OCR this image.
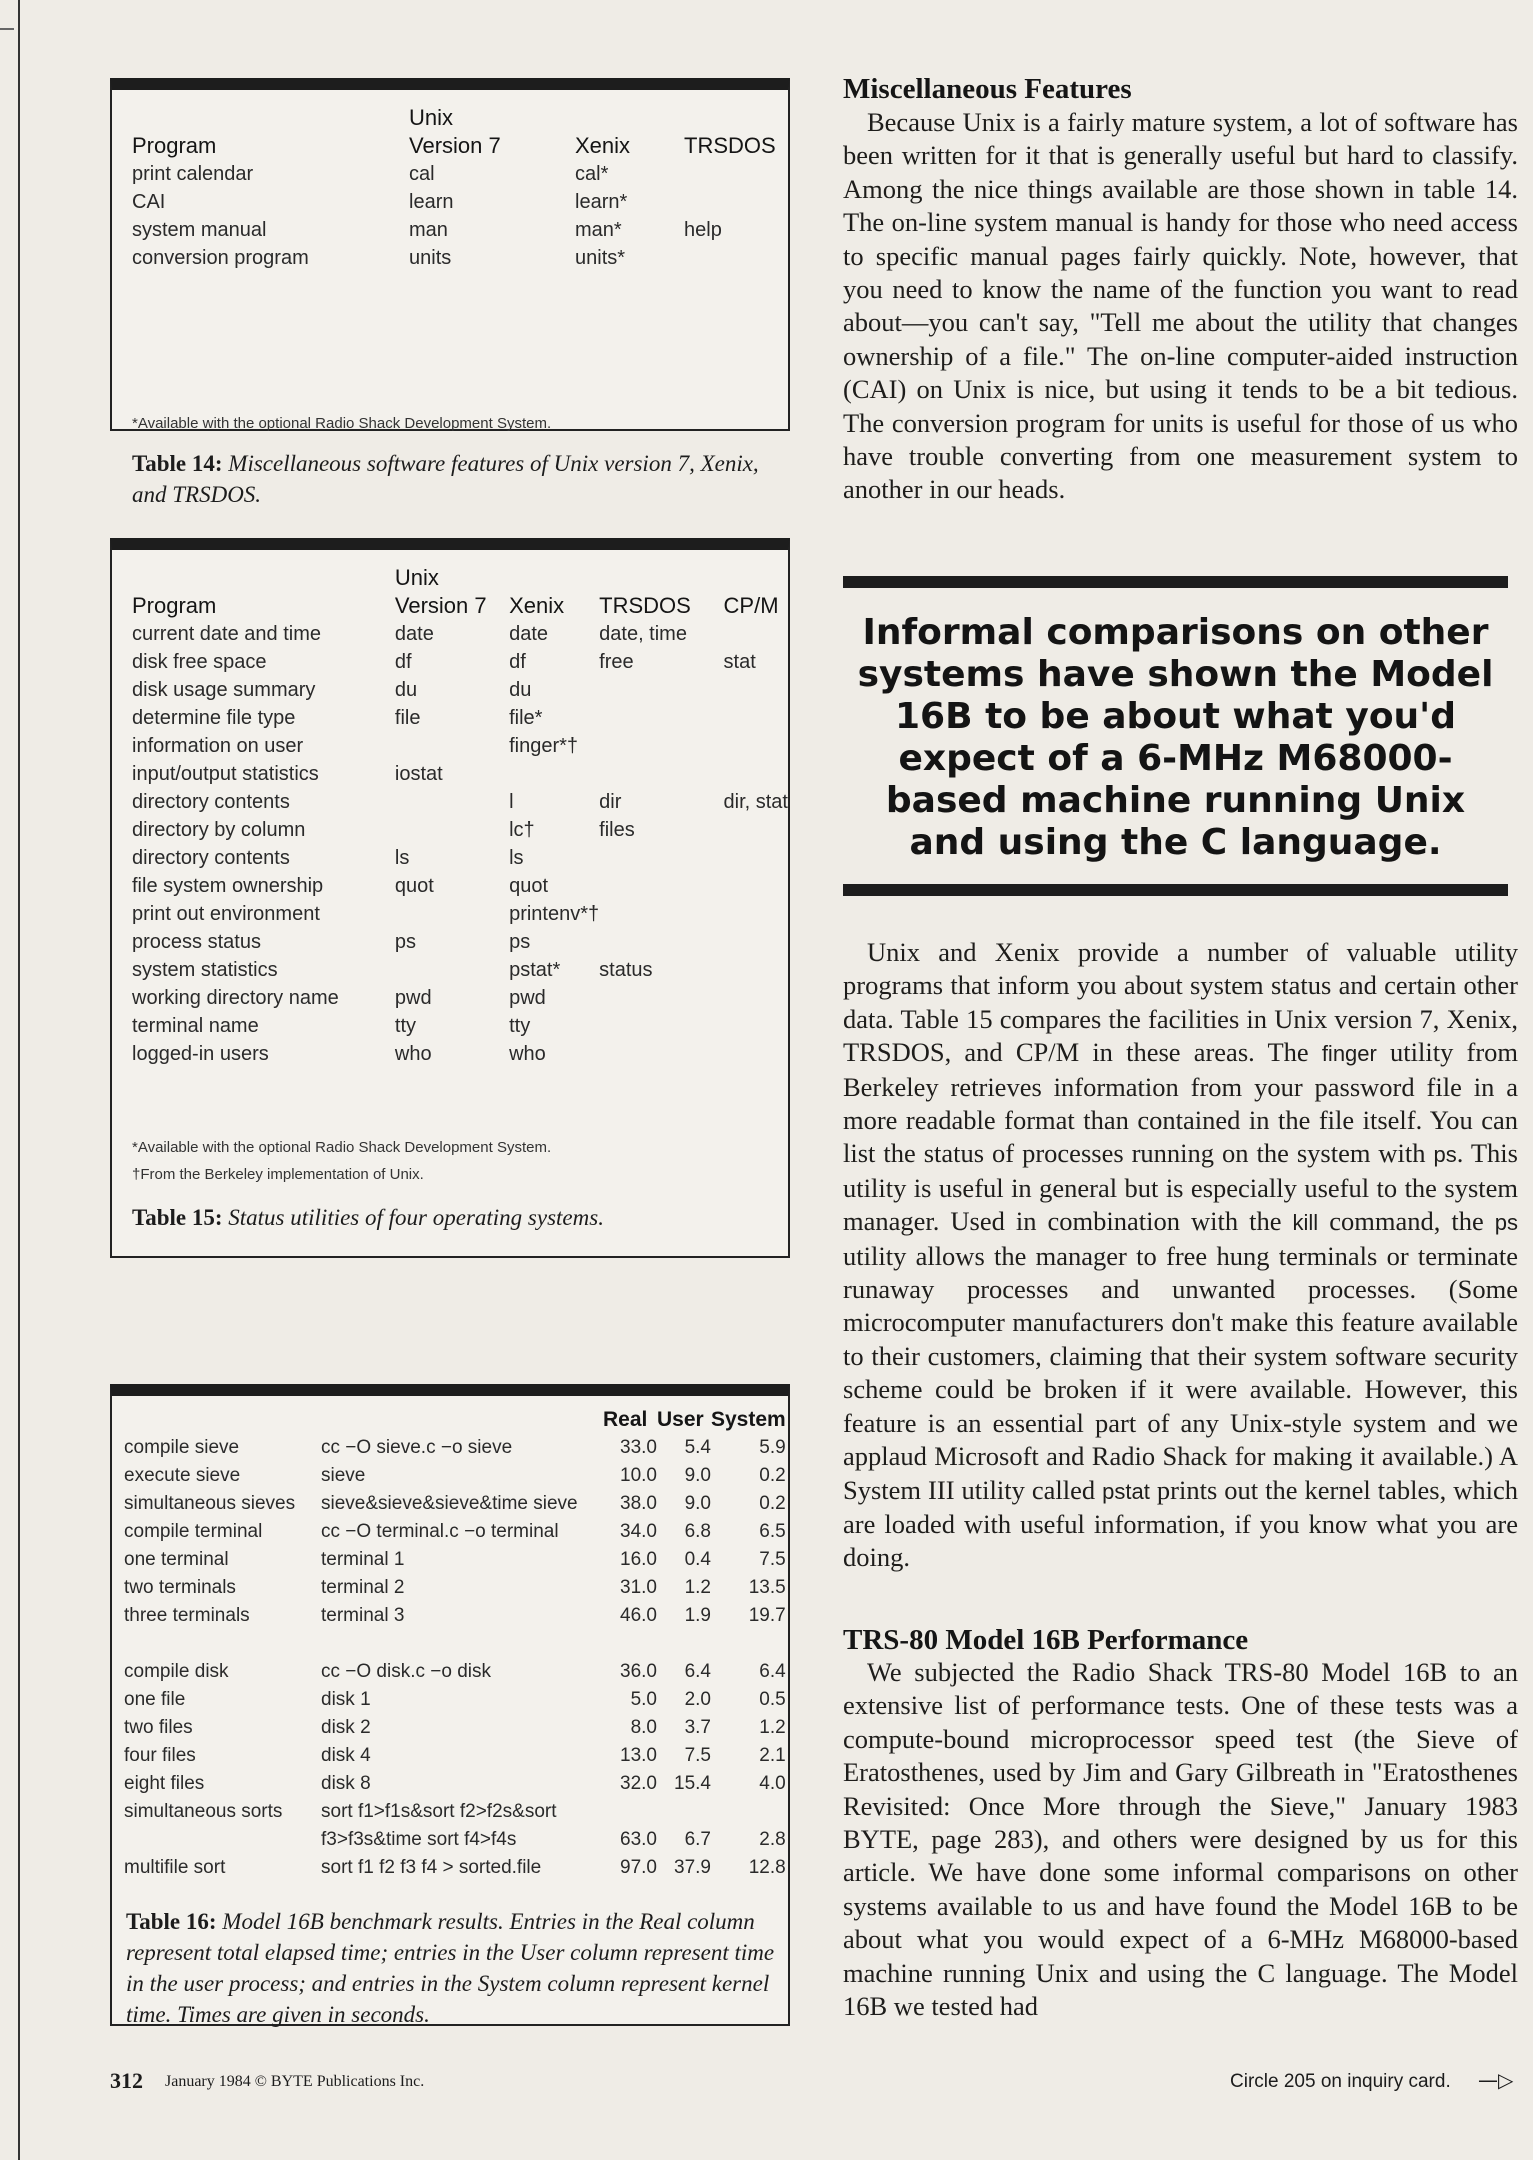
Program	Unix
Version 7	Xenix	TRSDOS
print calendar	cal	cal*	
CAI	learn	learn*	
system manual	man	man*	help
conversion program	units	units*	
*Available with the optional Radio Shack Development System.
Table 14: Miscellaneous software features of Unix version 7, Xenix, and TRSDOS.
Program	Unix
Version 7	Xenix	TRSDOS	CP/M
current date and time	date	date	date, time	
disk free space	df	df	free	stat
disk usage summary	du	du		
determine file type	file	file*		
information on user		finger*†		
input/output statistics	iostat			
directory contents		l	dir	dir, stat
directory by column		lc†	files	
directory contents	ls	ls		
file system ownership	quot	quot		
print out environment		printenv*†		
process status	ps	ps		
system statistics		pstat*	status	
working directory name	pwd	pwd		
terminal name	tty	tty		
logged-in users	who	who		
*Available with the optional Radio Shack Development System.
†From the Berkeley implementation of Unix.
Table 15: Status utilities of four operating systems.
		Real	User	System
compile sieve	cc −O sieve.c −o sieve	33.0	5.4	5.9
execute sieve	sieve	10.0	9.0	0.2
simultaneous sieves	sieve&sieve&sieve&time sieve	38.0	9.0	0.2
compile terminal	cc −O terminal.c −o terminal	34.0	6.8	6.5
one terminal	terminal 1	16.0	0.4	7.5
two terminals	terminal 2	31.0	1.2	13.5
three terminals	terminal 3	46.0	1.9	19.7

compile disk	cc −O disk.c −o disk	36.0	6.4	6.4
one file	disk 1	5.0	2.0	0.5
two files	disk 2	8.0	3.7	1.2
four files	disk 4	13.0	7.5	2.1
eight files	disk 8	32.0	15.4	4.0
simultaneous sorts	sort f1>f1s&sort f2>f2s&sort			
	f3>f3s&time sort f4>f4s	63.0	6.7	2.8
multifile sort	sort f1 f2 f3 f4 > sorted.file	97.0	37.9	12.8
Table 16: Model 16B benchmark results. Entries in the Real column represent total elapsed time; entries in the User column represent time in the user process; and entries in the System column represent kernel time. Times are given in seconds.
Miscellaneous Features

Because Unix is a fairly mature system, a lot of software has been written for it that is generally useful but hard to classify. Among the nice things available are those shown in table 14. The on-line system manual is handy for those who need access to specific manual pages fairly quickly. Note, however, that you need to know the name of the function you want to read about—you can't say, "Tell me about the utility that changes ownership of a file." The on-line computer-aided instruction (CAI) on Unix is nice, but using it tends to be a bit tedious. The conversion program for units is useful for those of us who have trouble converting from one measurement system to another in our heads.

Informal comparisons on other systems have shown the Model 16B to be about what you'd expect of a 6-MHz M68000-based machine running Unix and using the C language.

Unix and Xenix provide a number of valuable utility programs that inform you about system status and certain other data. Table 15 compares the facilities in Unix version 7, Xenix, TRSDOS, and CP/M in these areas. The finger utility from Berkeley retrieves information from your password file in a more readable format than contained in the file itself. You can list the status of processes running on the system with ps. This utility is useful in general but is especially useful to the system manager. Used in combination with the kill command, the ps utility allows the manager to free hung terminals or terminate runaway processes and unwanted processes. (Some microcomputer manufacturers don't make this feature available to their customers, claiming that their system software security scheme could be broken if it were available. However, this feature is an essential part of any Unix-style system and we applaud Microsoft and Radio Shack for making it available.) A System III utility called pstat prints out the kernel tables, which are loaded with useful information, if you know what you are doing.

TRS-80 Model 16B Performance

We subjected the Radio Shack TRS-80 Model 16B to an extensive list of performance tests. One of these tests was a compute-bound microprocessor speed test (the Sieve of Eratosthenes, used by Jim and Gary Gilbreath in "Eratosthenes Revisited: Once More through the Sieve," January 1983 BYTE, page 283), and others were designed by us for this article. We have done some informal comparisons on other systems available to us and have found the Model 16B to be about what you would expect of a 6-MHz M68000-based machine running Unix and using the C language. The Model 16B we tested had

312 January 1984 © BYTE Publications Inc.	Circle 205 on inquiry card. —▷
